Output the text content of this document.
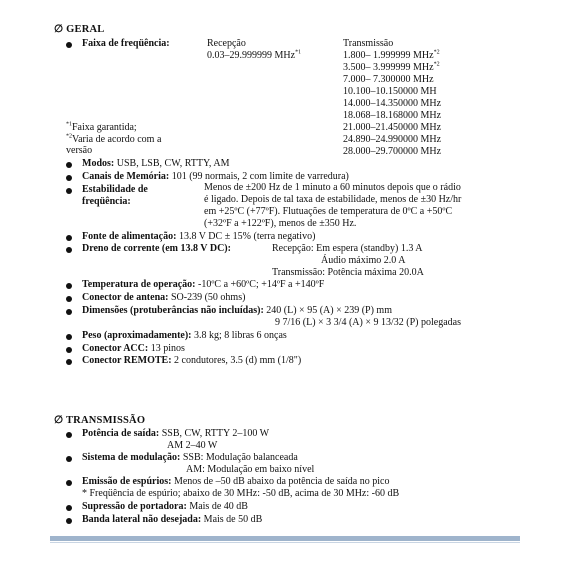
∅ GERAL
Faixa de freqüência:	Recepção
0.03–29.999999 MHz$^{*1}$
Transmissão
1.800– 1.999999 MHz$^{*2}$
3.500– 3.999999 MHz$^{*2}$
7.000– 7.300000 MHz
10.100–10.150000 MH
14.000–14.350000 MHz
18.068–18.168000 MHz
21.000–21.450000 MHz
24.890–24.990000 MHz
28.000–29.700000 MHz
$^{*1}$Faixa garantida;
$^{*2}$Varia de acordo com a
versão
Modos: USB, LSB, CW, RTTY, AM
Canais de Memória: 101 (99 normais, 2 com limite de varredura)
Estabilidade de
freqüência:
Menos de ±200 Hz de 1 minuto a 60 minutos depois que o rádio
é ligado. Depois de tal taxa de estabilidade, menos de ±30 Hz/hr
em +25ºC (+77ºF). Flutuações de temperatura de 0ºC a +50ºC
(+32ºF a +122ºF), menos de ±350 Hz.
Fonte de alimentação: 13.8 V DC ± 15% (terra negativo)
Dreno de corrente (em 13.8 V DC):	Recepção: Em espera (standby) 1.3 A
Áudio máximo 2.0 A
Transmissão: Potência máxima 20.0A
Temperatura de operação: -10ºC a +60ºC; +14ºF a +140ºF
Conector de antena: SO-239 (50 ohms)
Dimensões (protuberâncias não incluídas): 240 (L) × 95 (A) × 239 (P) mm
9 7/16 (L) × 3 3/4 (A) × 9 13/32 (P) polegadas
Peso (aproximadamente): 3.8 kg; 8 libras 6 onças
Conector ACC: 13 pinos
Conector REMOTE: 2 condutores, 3.5 (d) mm (1/8")
∅ TRANSMISSÃO
Potência de saída: SSB, CW, RTTY 2–100 W
AM 2–40 W
Sistema de modulação: SSB: Modulação balanceada
AM: Modulação em baixo nível
Emissão de espúrios: Menos de –50 dB abaixo da potência de saída no pico
* Freqüência de espúrio; abaixo de 30 MHz: -50 dB, acima de 30 MHz: -60 dB
Supressão de portadora: Mais de 40 dB
Banda lateral não desejada: Mais de 50 dB
